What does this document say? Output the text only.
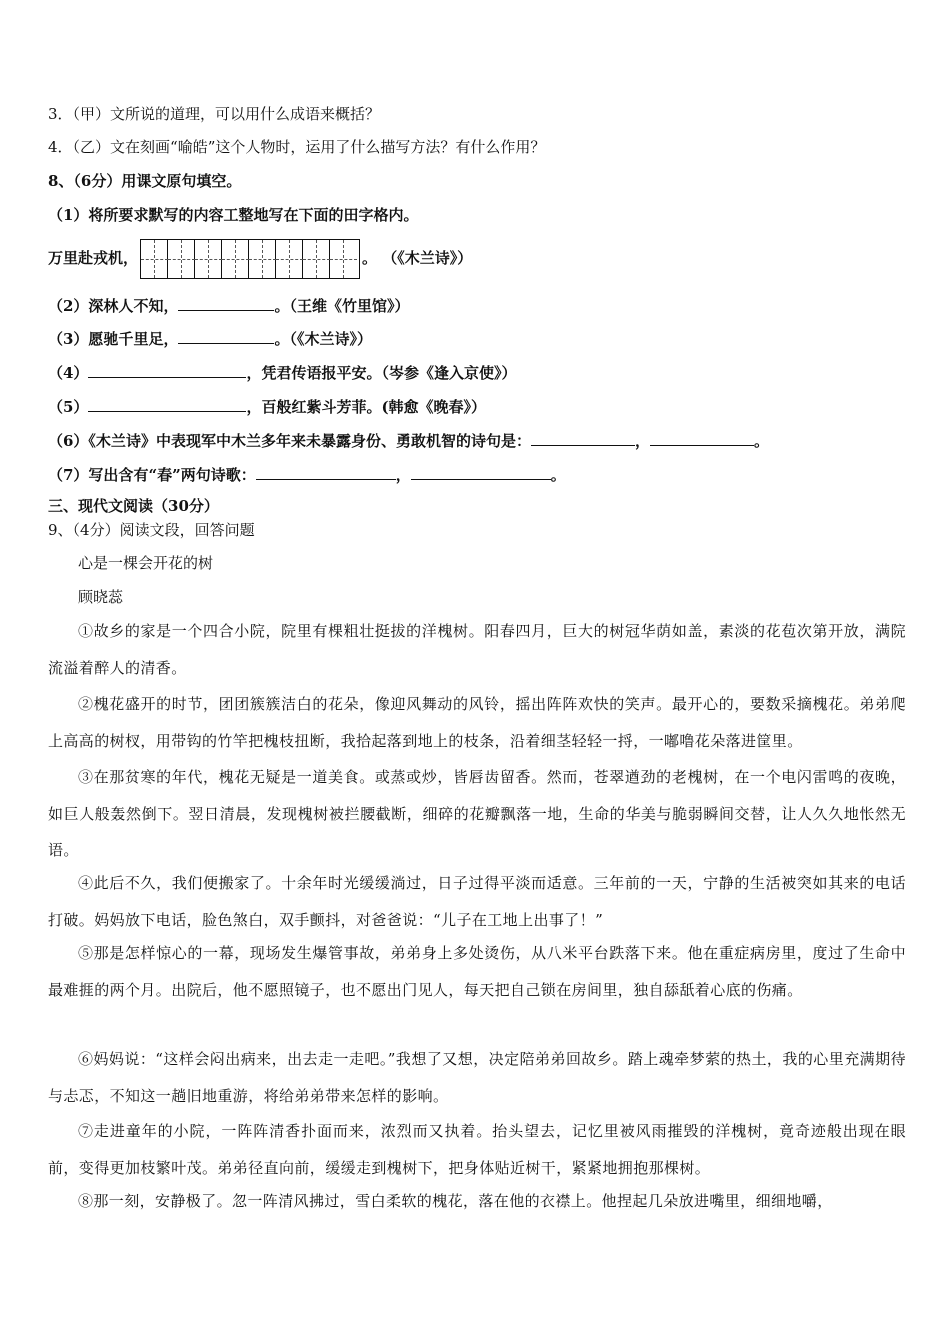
3．（甲）文所说的道理，可以用什么成语来概括？
4．（乙）文在刻画“喻皓”这个人物时，运用了什么描写方法？有什么作用？
8、（6分）用课文原句填空。
（1）将所要求默写的内容工整地写在下面的田字格内。
万里赴戎机，	。 （《木兰诗》）
（2）深林人不知，	。（王维《竹里馆》）
（3）愿驰千里足，	。（《木兰诗》）
（4）	，凭君传语报平安。（岑参《逢入京使》）
（5）	，百般红紫斗芳菲。(韩愈《晚春》）
（6）《木兰诗》中表现军中木兰多年来未暴露身份、勇敢机智的诗句是：	，	。
（7）写出含有“春”两句诗歌：	，	。
三、现代文阅读（30分）
9、（4分）阅读文段，回答问题
心是一棵会开花的树
顾晓蕊
①故乡的家是一个四合小院，院里有棵粗壮挺拔的洋槐树。阳春四月，巨大的树冠华荫如盖，素淡的花苞次第开放，满院流溢着醉人的清香。
②槐花盛开的时节，团团簇簇洁白的花朵，像迎风舞动的风铃，摇出阵阵欢快的笑声。最开心的，要数采摘槐花。弟弟爬上高高的树杈，用带钩的竹竿把槐枝扭断，我拾起落到地上的枝条，沿着细茎轻轻一捋，一嘟噜花朵落进筐里。
③在那贫寒的年代，槐花无疑是一道美食。或蒸或炒，皆唇齿留香。然而，苍翠遒劲的老槐树，在一个电闪雷鸣的夜晚，如巨人般轰然倒下。翌日清晨，发现槐树被拦腰截断，细碎的花瓣飘落一地，生命的华美与脆弱瞬间交替，让人久久地怅然无语。
④此后不久，我们便搬家了。十余年时光缓缓淌过，日子过得平淡而适意。三年前的一天，宁静的生活被突如其来的电话打破。妈妈放下电话，脸色煞白，双手颤抖，对爸爸说：“儿子在工地上出事了！”
⑤那是怎样惊心的一幕，现场发生爆管事故，弟弟身上多处烫伤，从八米平台跌落下来。他在重症病房里，度过了生命中最难捱的两个月。出院后，他不愿照镜子，也不愿出门见人，每天把自己锁在房间里，独自舔舐着心底的伤痛。
⑥妈妈说：“这样会闷出病来，出去走一走吧。”我想了又想，决定陪弟弟回故乡。踏上魂牵梦萦的热土，我的心里充满期待与忐忑，不知这一趟旧地重游，将给弟弟带来怎样的影响。
⑦走进童年的小院，一阵阵清香扑面而来，浓烈而又执着。抬头望去，记忆里被风雨摧毁的洋槐树，竟奇迹般出现在眼前，变得更加枝繁叶茂。弟弟径直向前，缓缓走到槐树下，把身体贴近树干，紧紧地拥抱那棵树。
⑧那一刻，安静极了。忽一阵清风拂过，雪白柔软的槐花，落在他的衣襟上。他捏起几朵放进嘴里，细细地嚼，
